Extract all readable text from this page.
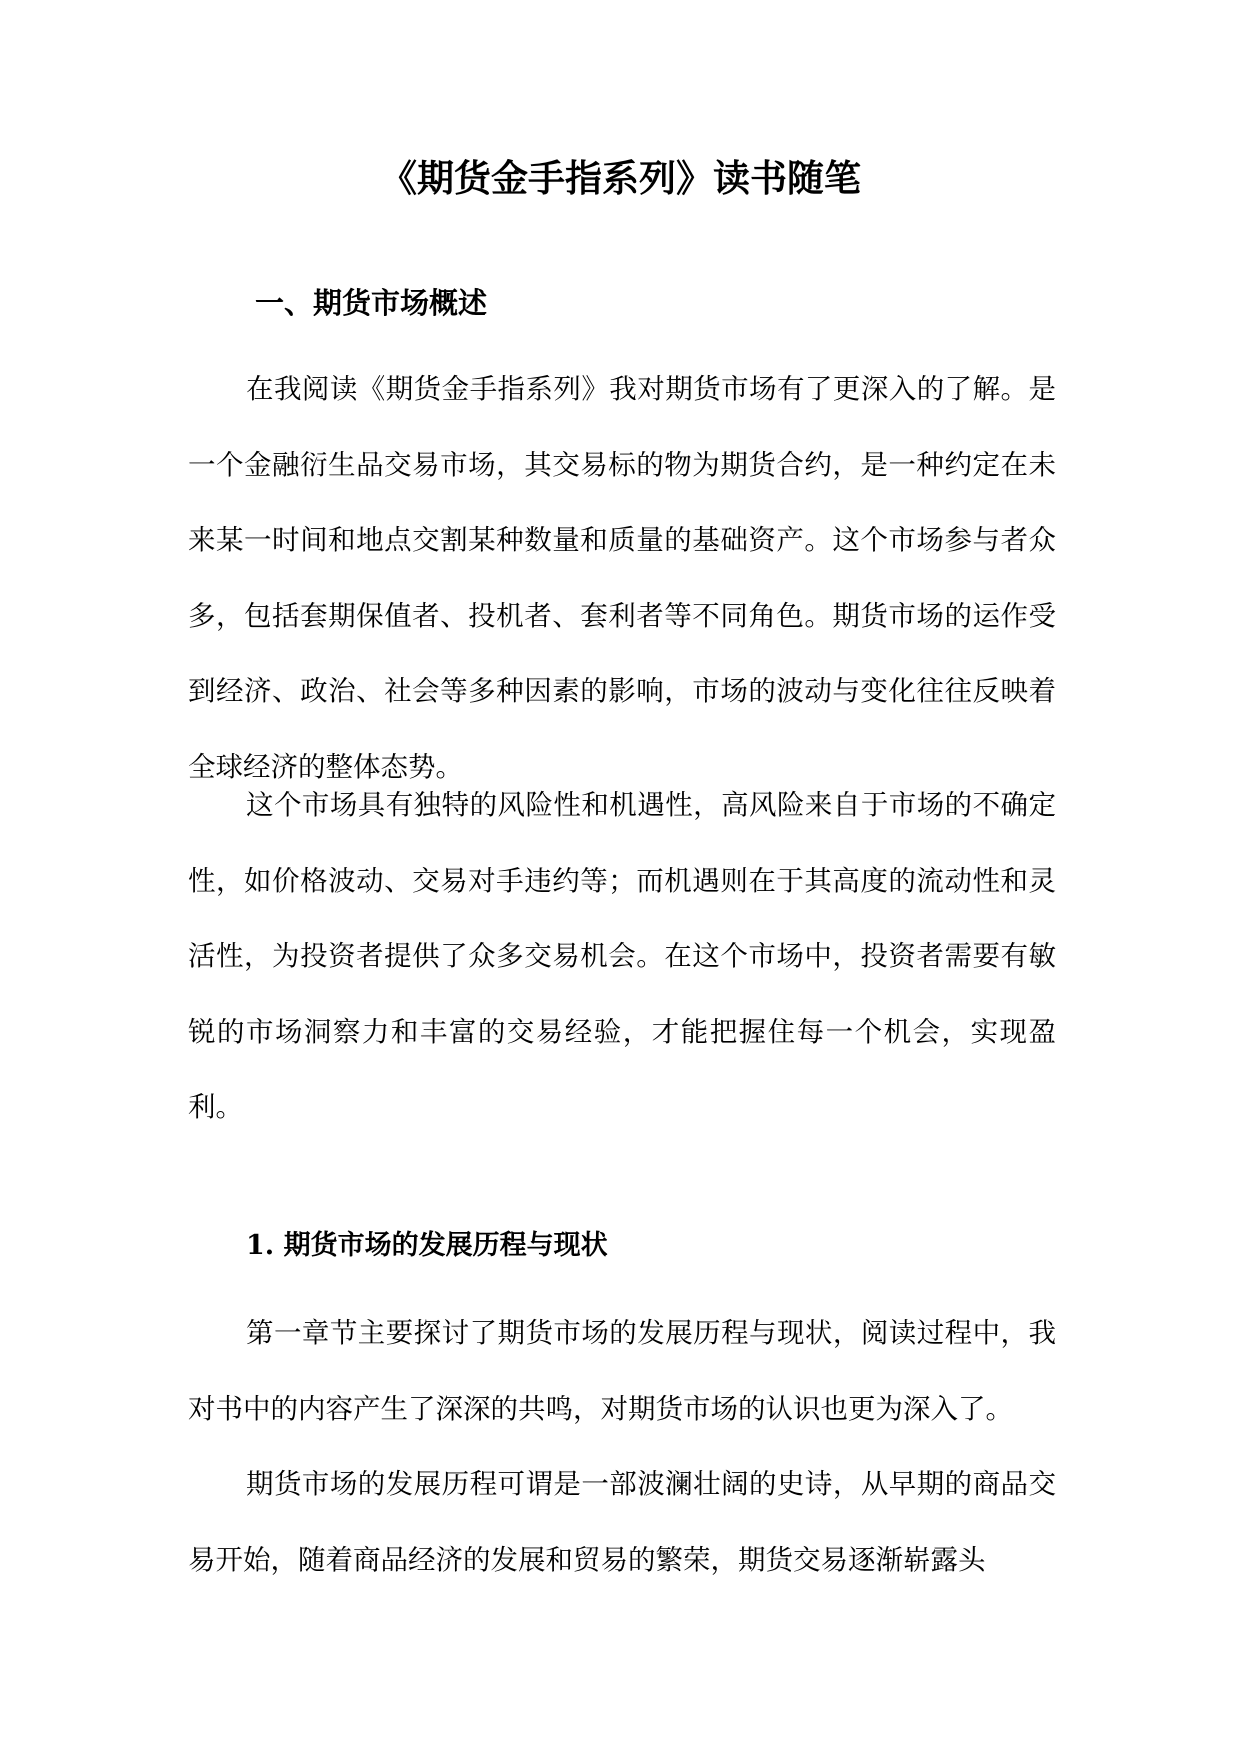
《期货金手指系列》读书随笔
一、期货市场概述

在我阅读《期货金手指系列》我对期货市场有了更深入的了解。是一个金融衍生品交易市场，其交易标的物为期货合约，是一种约定在未来某一时间和地点交割某种数量和质量的基础资产。这个市场参与者众多，包括套期保值者、投机者、套利者等不同角色。期货市场的运作受到经济、政治、社会等多种因素的影响，市场的波动与变化往往反映着全球经济的整体态势。

这个市场具有独特的风险性和机遇性，高风险来自于市场的不确定性，如价格波动、交易对手违约等；而机遇则在于其高度的流动性和灵活性，为投资者提供了众多交易机会。在这个市场中，投资者需要有敏锐的市场洞察力和丰富的交易经验，才能把握住每一个机会，实现盈利。

1. 期货市场的发展历程与现状

第一章节主要探讨了期货市场的发展历程与现状，阅读过程中，我对书中的内容产生了深深的共鸣，对期货市场的认识也更为深入了。

期货市场的发展历程可谓是一部波澜壮阔的史诗，从早期的商品交易开始，随着商品经济的发展和贸易的繁荣，期货交易逐渐崭露头
